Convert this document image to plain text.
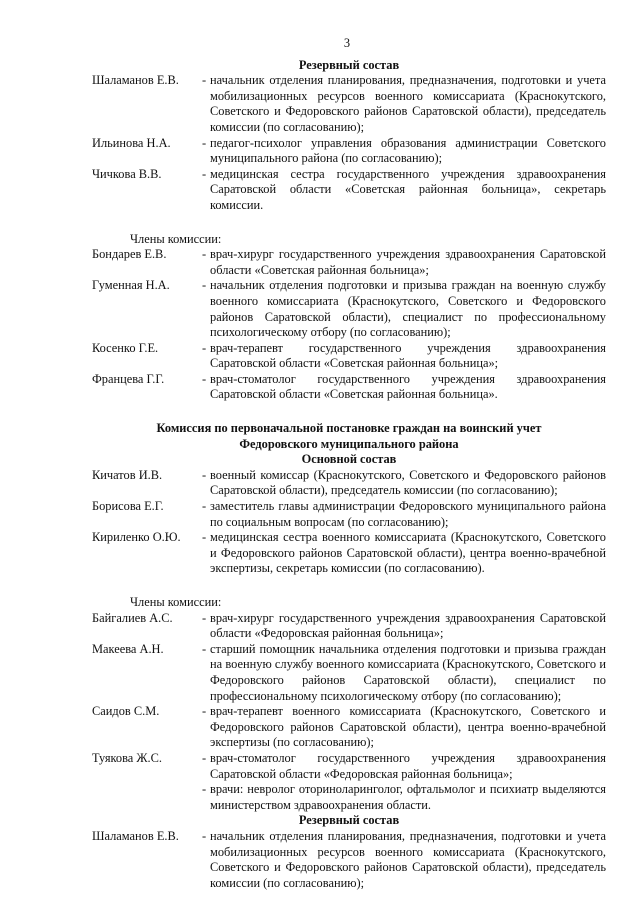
3
Резервный состав
Шаламанов Е.В.	- начальник отделения планирования, предназначения, подготовки и учета мобилизационных ресурсов военного комиссариата (Краснокутского, Советского и Федоровского районов Саратовской области), председатель комиссии (по согласованию);
Ильинова Н.А.	- педагог-психолог управления образования администрации Советского муниципального района (по согласованию);
Чичкова В.В.	- медицинская сестра государственного учреждения здравоохранения Саратовской области «Советская районная больница», секретарь комиссии.
Члены комиссии:
Бондарев Е.В.	- врач-хирург государственного учреждения здравоохранения Саратовской области «Советская районная больница»;
Гуменная Н.А.	- начальник отделения подготовки и призыва граждан на военную службу военного комиссариата (Краснокутского, Советского и Федоровского районов Саратовской области), специалист по профессиональному психологическому отбору (по согласованию);
Косенко Г.Е.	- врач-терапевт государственного учреждения здравоохранения Саратовской области «Советская районная больница»;
Францева Г.Г.	- врач-стоматолог государственного учреждения здравоохранения Саратовской области «Советская районная больница».
Комиссия по первоначальной постановке граждан на воинский учет
Федоровского муниципального района
Основной состав
Кичатов И.В.	- военный комиссар (Краснокутского, Советского и Федоровского районов Саратовской области), председатель комиссии (по согласованию);
Борисова Е.Г.	- заместитель главы администрации Федоровского муниципального района по социальным вопросам (по согласованию);
Кириленко О.Ю.	- медицинская сестра военного комиссариата (Краснокутского, Советского и Федоровского районов Саратовской области), центра военно-врачебной экспертизы, секретарь комиссии (по согласованию).
Члены комиссии:
Байгалиев А.С.	- врач-хирург государственного учреждения здравоохранения Саратовской области «Федоровская районная больница»;
Макеева А.Н.	- старший помощник начальника отделения подготовки и призыва граждан на военную службу военного комиссариата (Краснокутского, Советского и Федоровского районов Саратовской области), специалист по профессиональному психологическому отбору (по согласованию);
Саидов С.М.	- врач-терапевт военного комиссариата (Краснокутского, Советского и Федоровского районов Саратовской области), центра военно-врачебной экспертизы (по согласованию);
Туякова Ж.С.	- врач-стоматолог государственного учреждения здравоохранения Саратовской области «Федоровская районная больница»;
- врачи: невролог оториноларинголог, офтальмолог и психиатр выделяются министерством здравоохранения области.
Резервный состав
Шаламанов Е.В.	- начальник отделения планирования, предназначения, подготовки и учета мобилизационных ресурсов военного комиссариата (Краснокутского, Советского и Федоровского районов Саратовской области), председатель комиссии (по согласованию);
